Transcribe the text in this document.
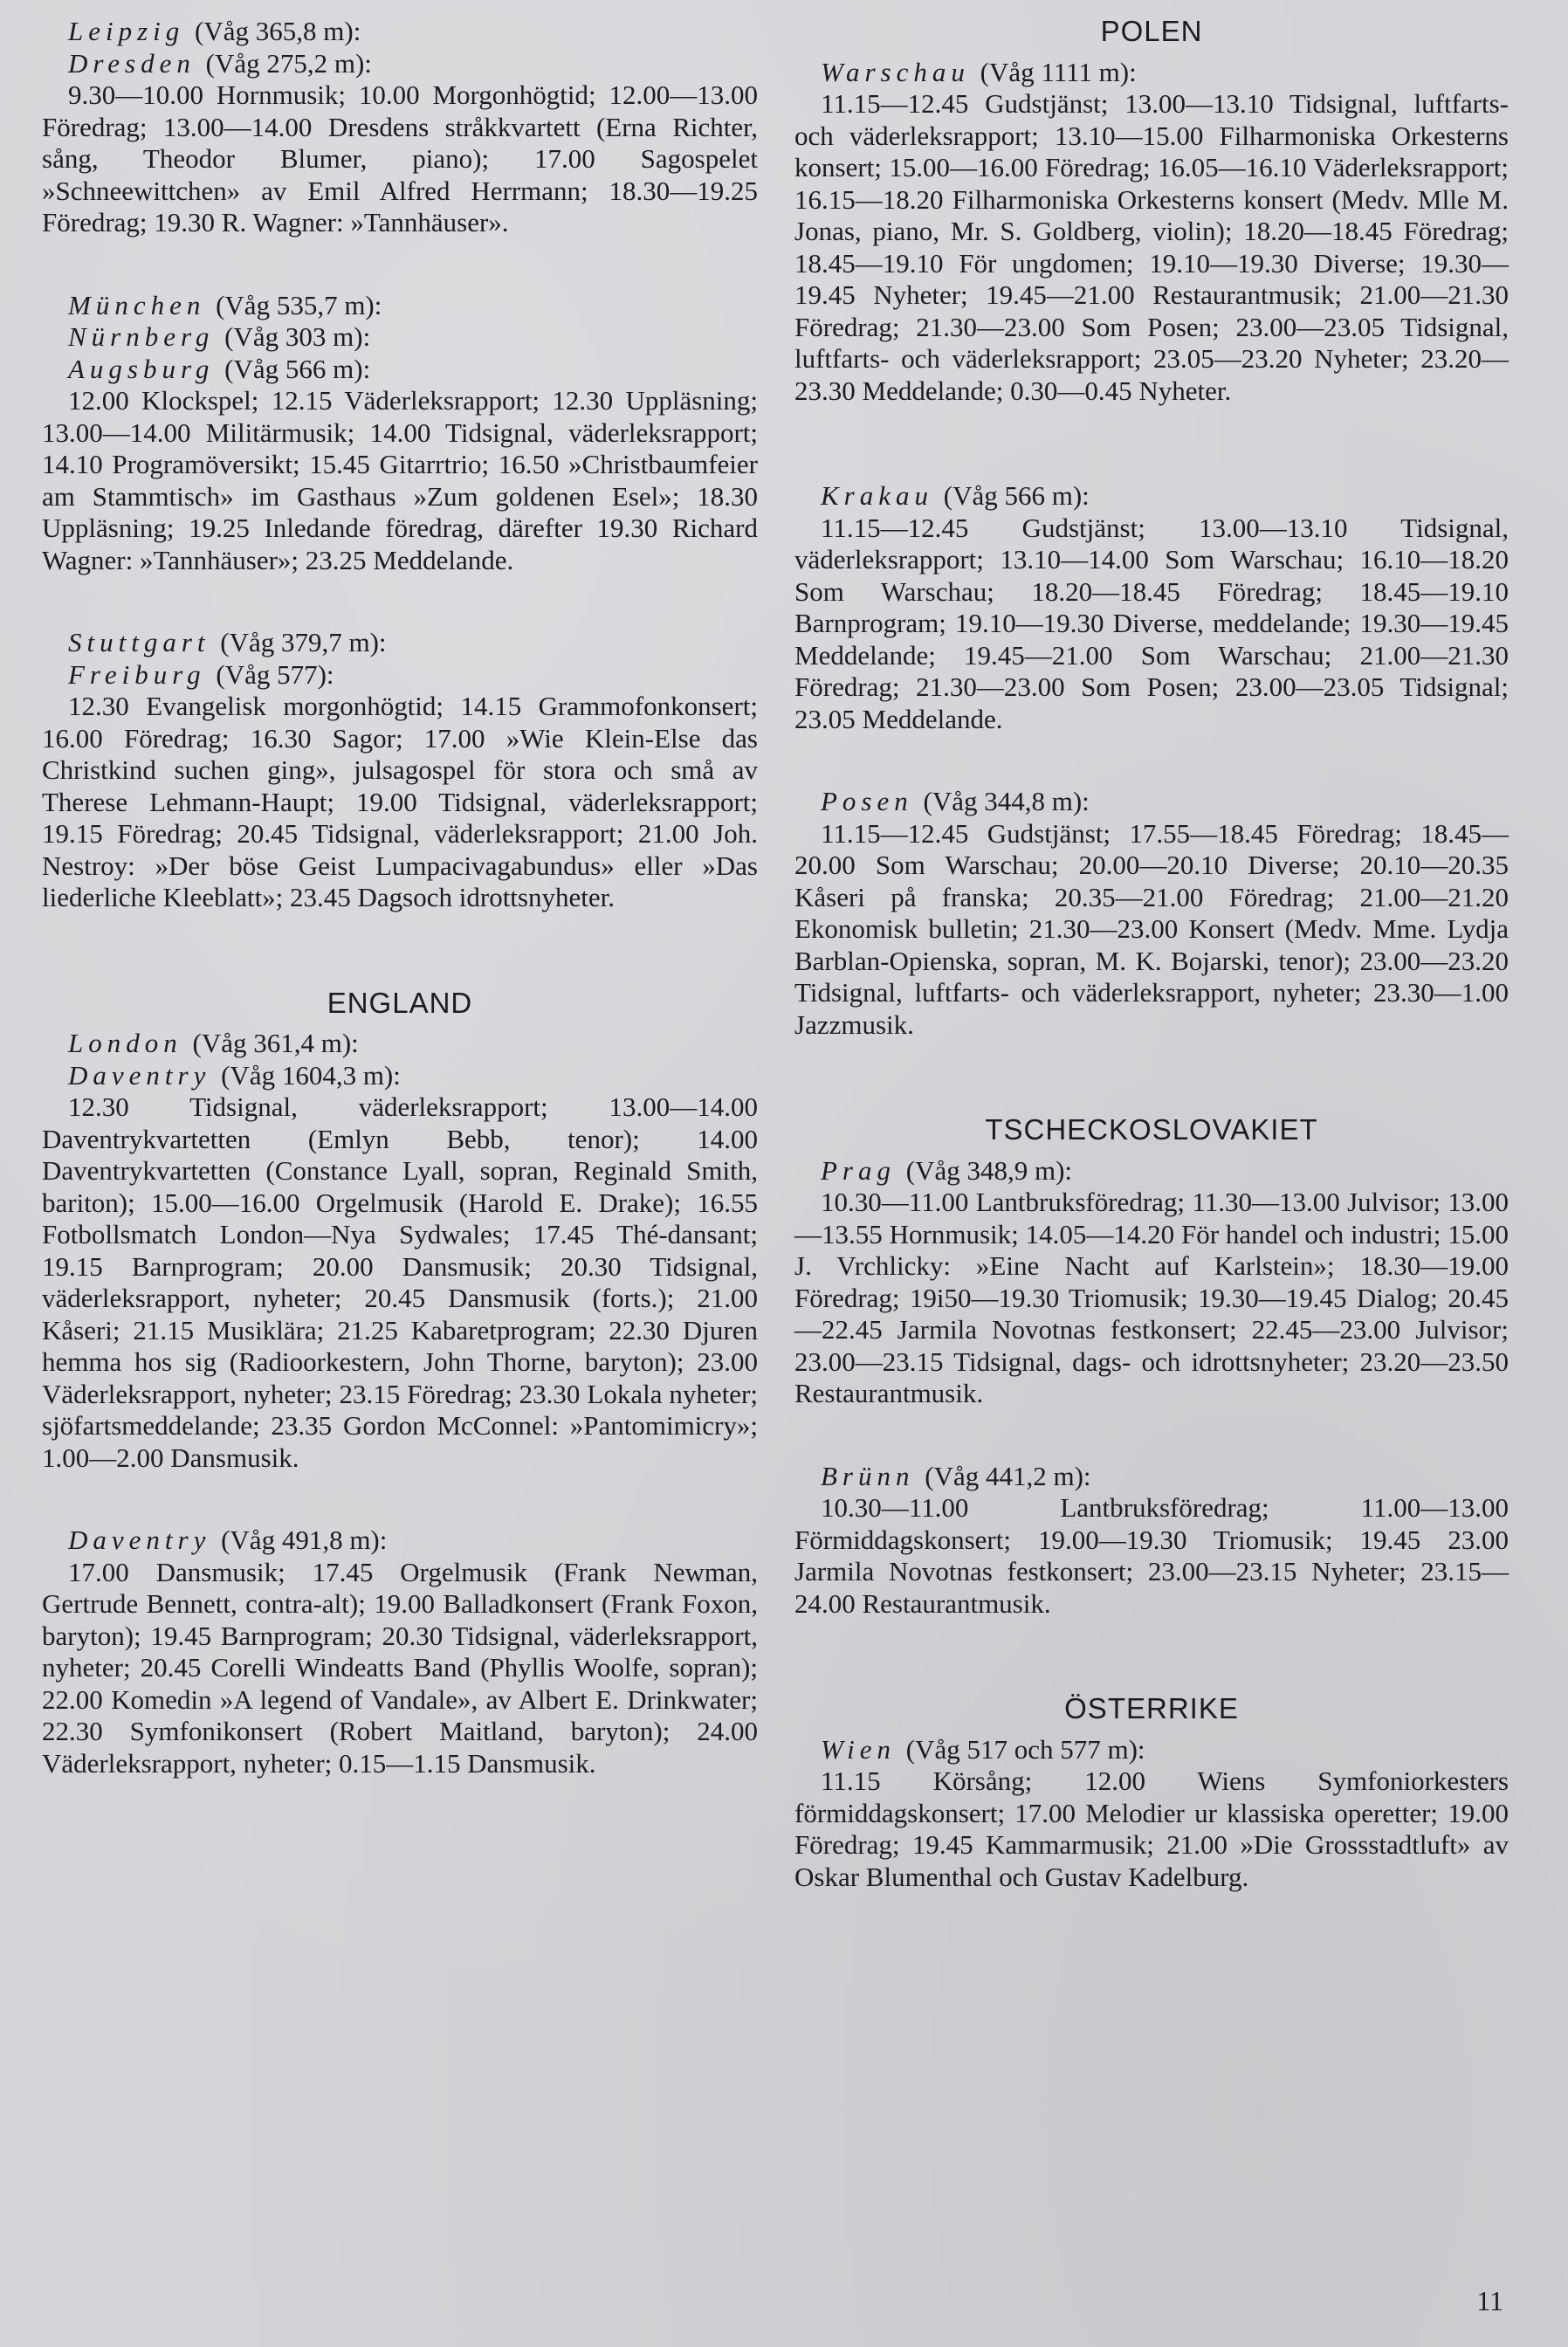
Leipzig (Våg 365,8 m):

Dresden (Våg 275,2 m):

9.30—10.00 Hornmusik; 10.00 Morgonhögtid; 12.00—13.00 Föredrag; 13.00—14.00 Dresdens stråkkvartett (Erna Richter, sång, Theodor Blumer, piano); 17.00 Sagospelet »Schneewittchen» av Emil Alfred Herrmann; 18.30—19.25 Föredrag; 19.30 R. Wagner: »Tannhäuser».

München (Våg 535,7 m):

Nürnberg (Våg 303 m):

Augsburg (Våg 566 m):

12.00 Klockspel; 12.15 Väderleksrapport; 12.30 Uppläsning; 13.00—14.00 Militärmusik; 14.00 Tidsignal, väderleksrapport; 14.10 Programöversikt; 15.45 Gitarrtrio; 16.50 »Christbaumfeier am Stammtisch» im Gasthaus »Zum goldenen Esel»; 18.30 Uppläsning; 19.25 Inledande föredrag, därefter 19.30 Richard Wagner: »Tannhäuser»; 23.25 Meddelande.

Stuttgart (Våg 379,7 m):

Freiburg (Våg 577):

12.30 Evangelisk morgonhögtid; 14.15 Grammofonkonsert; 16.00 Föredrag; 16.30 Sagor; 17.00 »Wie Klein-Else das Christkind suchen ging», julsagospel för stora och små av Therese Lehmann-Haupt; 19.00 Tidsignal, väderleksrapport; 19.15 Föredrag; 20.45 Tidsignal, väderleksrapport; 21.00 Joh. Nestroy: »Der böse Geist Lumpacivagabundus» eller »Das liederliche Kleeblatt»; 23.45 Dagsoch idrottsnyheter.

ENGLAND

London (Våg 361,4 m):

Daventry (Våg 1604,3 m):

12.30 Tidsignal, väderleksrapport; 13.00—14.00 Daventrykvartetten (Emlyn Bebb, tenor); 14.00 Daventrykvartetten (Constance Lyall, sopran, Reginald Smith, bariton); 15.00—16.00 Orgelmusik (Harold E. Drake); 16.55 Fotbollsmatch London—Nya Sydwales; 17.45 Thé-dansant; 19.15 Barnprogram; 20.00 Dansmusik; 20.30 Tidsignal, väderleksrapport, nyheter; 20.45 Dansmusik (forts.); 21.00 Kåseri; 21.15 Musiklära; 21.25 Kabaretprogram; 22.30 Djuren hemma hos sig (Radioorkestern, John Thorne, baryton); 23.00 Väderleksrapport, nyheter; 23.15 Föredrag; 23.30 Lokala nyheter; sjöfartsmeddelande; 23.35 Gordon McConnel: »Pantomimicry»; 1.00—2.00 Dansmusik.

Daventry (Våg 491,8 m):

17.00 Dansmusik; 17.45 Orgelmusik (Frank Newman, Gertrude Bennett, contra-alt); 19.00 Balladkonsert (Frank Foxon, baryton); 19.45 Barnprogram; 20.30 Tidsignal, väderleksrapport, nyheter; 20.45 Corelli Windeatts Band (Phyllis Woolfe, sopran); 22.00 Komedin »A legend of Vandale», av Albert E. Drinkwater; 22.30 Symfonikonsert (Robert Maitland, baryton); 24.00 Väderleksrapport, nyheter; 0.15—1.15 Dansmusik.

POLEN

Warschau (Våg 1111 m):

11.15—12.45 Gudstjänst; 13.00—13.10 Tidsignal, luftfarts- och väderleksrapport; 13.10—15.00 Filharmoniska Orkesterns konsert; 15.00—16.00 Föredrag; 16.05—16.10 Väderleksrapport; 16.15—18.20 Filharmoniska Orkesterns konsert (Medv. Mlle M. Jonas, piano, Mr. S. Goldberg, violin); 18.20—18.45 Föredrag; 18.45—19.10 För ungdomen; 19.10—19.30 Diverse; 19.30—19.45 Nyheter; 19.45—21.00 Restaurantmusik; 21.00—21.30 Föredrag; 21.30—23.00 Som Posen; 23.00—23.05 Tidsignal, luftfarts- och väderleksrapport; 23.05—23.20 Nyheter; 23.20—23.30 Meddelande; 0.30—0.45 Nyheter.

Krakau (Våg 566 m):

11.15—12.45 Gudstjänst; 13.00—13.10 Tidsignal, väderleksrapport; 13.10—14.00 Som Warschau; 16.10—18.20 Som Warschau; 18.20—18.45 Föredrag; 18.45—19.10 Barnprogram; 19.10—19.30 Diverse, meddelande; 19.30—19.45 Meddelande; 19.45—21.00 Som Warschau; 21.00—21.30 Föredrag; 21.30—23.00 Som Posen; 23.00—23.05 Tidsignal; 23.05 Meddelande.

Posen (Våg 344,8 m):

11.15—12.45 Gudstjänst; 17.55—18.45 Föredrag; 18.45—20.00 Som Warschau; 20.00—20.10 Diverse; 20.10—20.35 Kåseri på franska; 20.35—21.00 Föredrag; 21.00—21.20 Ekonomisk bulletin; 21.30—23.00 Konsert (Medv. Mme. Lydja Barblan-Opienska, sopran, M. K. Bojarski, tenor); 23.00—23.20 Tidsignal, luftfarts- och väderleksrapport, nyheter; 23.30—1.00 Jazzmusik.

TSCHECKOSLOVAKIET

Prag (Våg 348,9 m):

10.30—11.00 Lantbruksföredrag; 11.30—13.00 Julvisor; 13.00—13.55 Hornmusik; 14.05—14.20 För handel och industri; 15.00 J. Vrchlicky: »Eine Nacht auf Karlstein»; 18.30—19.00 Föredrag; 19i50—19.30 Triomusik; 19.30—19.45 Dialog; 20.45—22.45 Jarmila Novotnas festkonsert; 22.45—23.00 Julvisor; 23.00—23.15 Tidsignal, dags- och idrottsnyheter; 23.20—23.50 Restaurantmusik.

Brünn (Våg 441,2 m):

10.30—11.00 Lantbruksföredrag; 11.00—13.00 Förmiddagskonsert; 19.00—19.30 Triomusik; 19.45 23.00 Jarmila Novotnas festkonsert; 23.00—23.15 Nyheter; 23.15—24.00 Restaurantmusik.

ÖSTERRIKE

Wien (Våg 517 och 577 m):

11.15 Körsång; 12.00 Wiens Symfoniorkesters förmiddagskonsert; 17.00 Melodier ur klassiska operetter; 19.00 Föredrag; 19.45 Kammarmusik; 21.00 »Die Grossstadtluft» av Oskar Blumenthal och Gustav Kadelburg.

11
